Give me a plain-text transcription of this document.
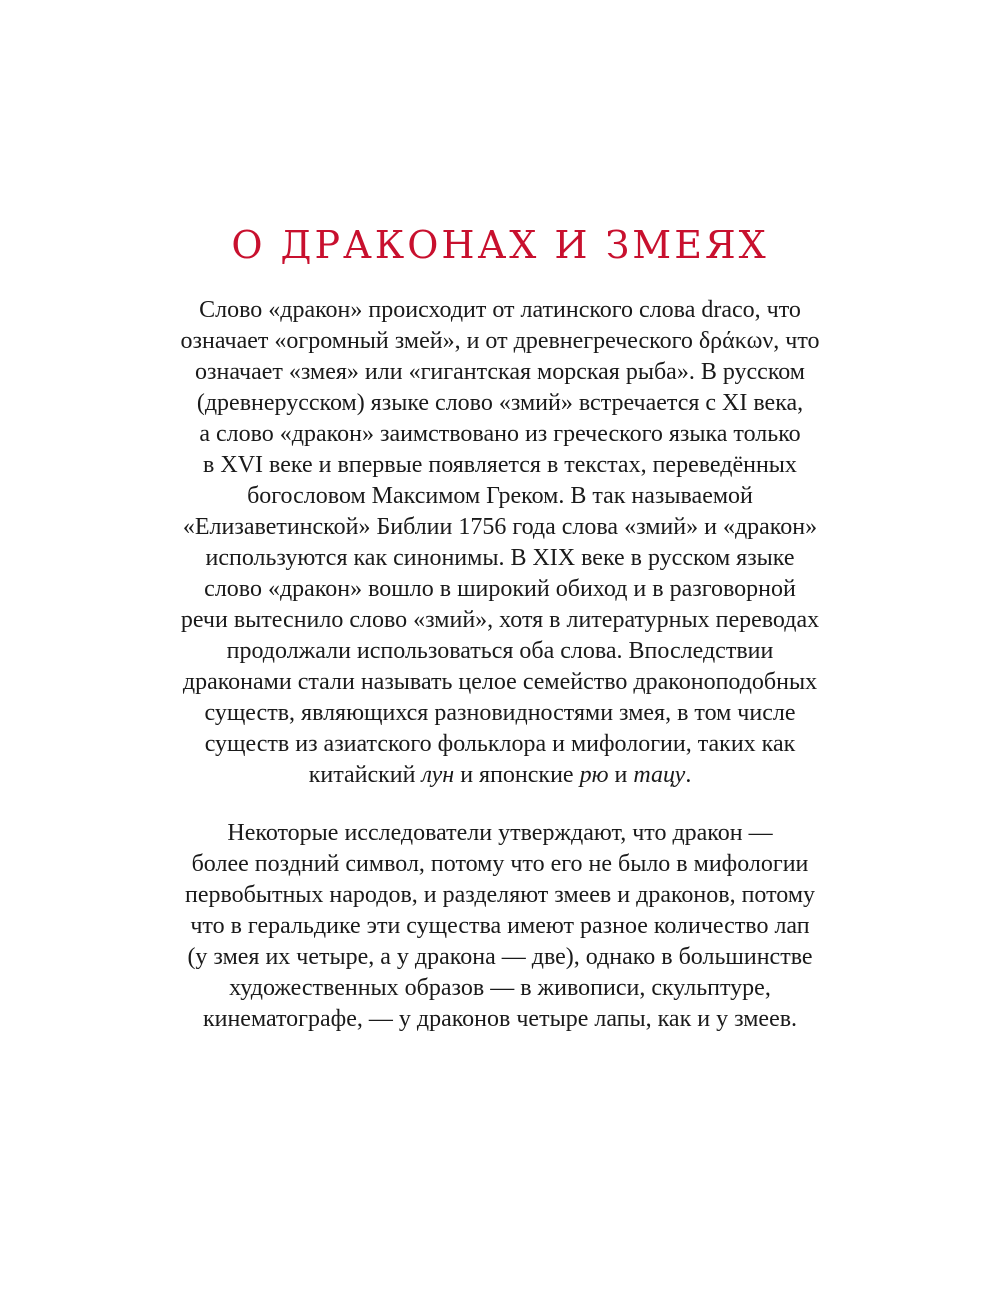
О ДРАКОНАХ И ЗМЕЯХ

Слово «дракон» происходит от латинского слова draco, что
означает «огромный змей», и от древнегреческого δράκων, что
означает «змея» или «гигантская морская рыба». В русском
(древнерусском) языке слово «змий» встречается с XI века,
а слово «дракон» заимствовано из греческого языка только
в XVI веке и впервые появляется в текстах, переведённых
богословом Максимом Греком. В так называемой
«Елизаветинской» Библии 1756 года слова «змий» и «дракон»
используются как синонимы. В XIX веке в русском языке
слово «дракон» вошло в широкий обиход и в разговорной
речи вытеснило слово «змий», хотя в литературных переводах
продолжали использоваться оба слова. Впоследствии
драконами стали называть целое семейство драконоподобных
существ, являющихся разновидностями змея, в том числе
существ из азиатского фольклора и мифологии, таких как
китайский лун и японские рю и тацу.

Некоторые исследователи утверждают, что дракон —
более поздний символ, потому что его не было в мифологии
первобытных народов, и разделяют змеев и драконов, потому
что в геральдике эти существа имеют разное количество лап
(у змея их четыре, а у дракона — две), однако в большинстве
художественных образов — в живописи, скульптуре,
кинематографе, — у драконов четыре лапы, как и у змеев.
